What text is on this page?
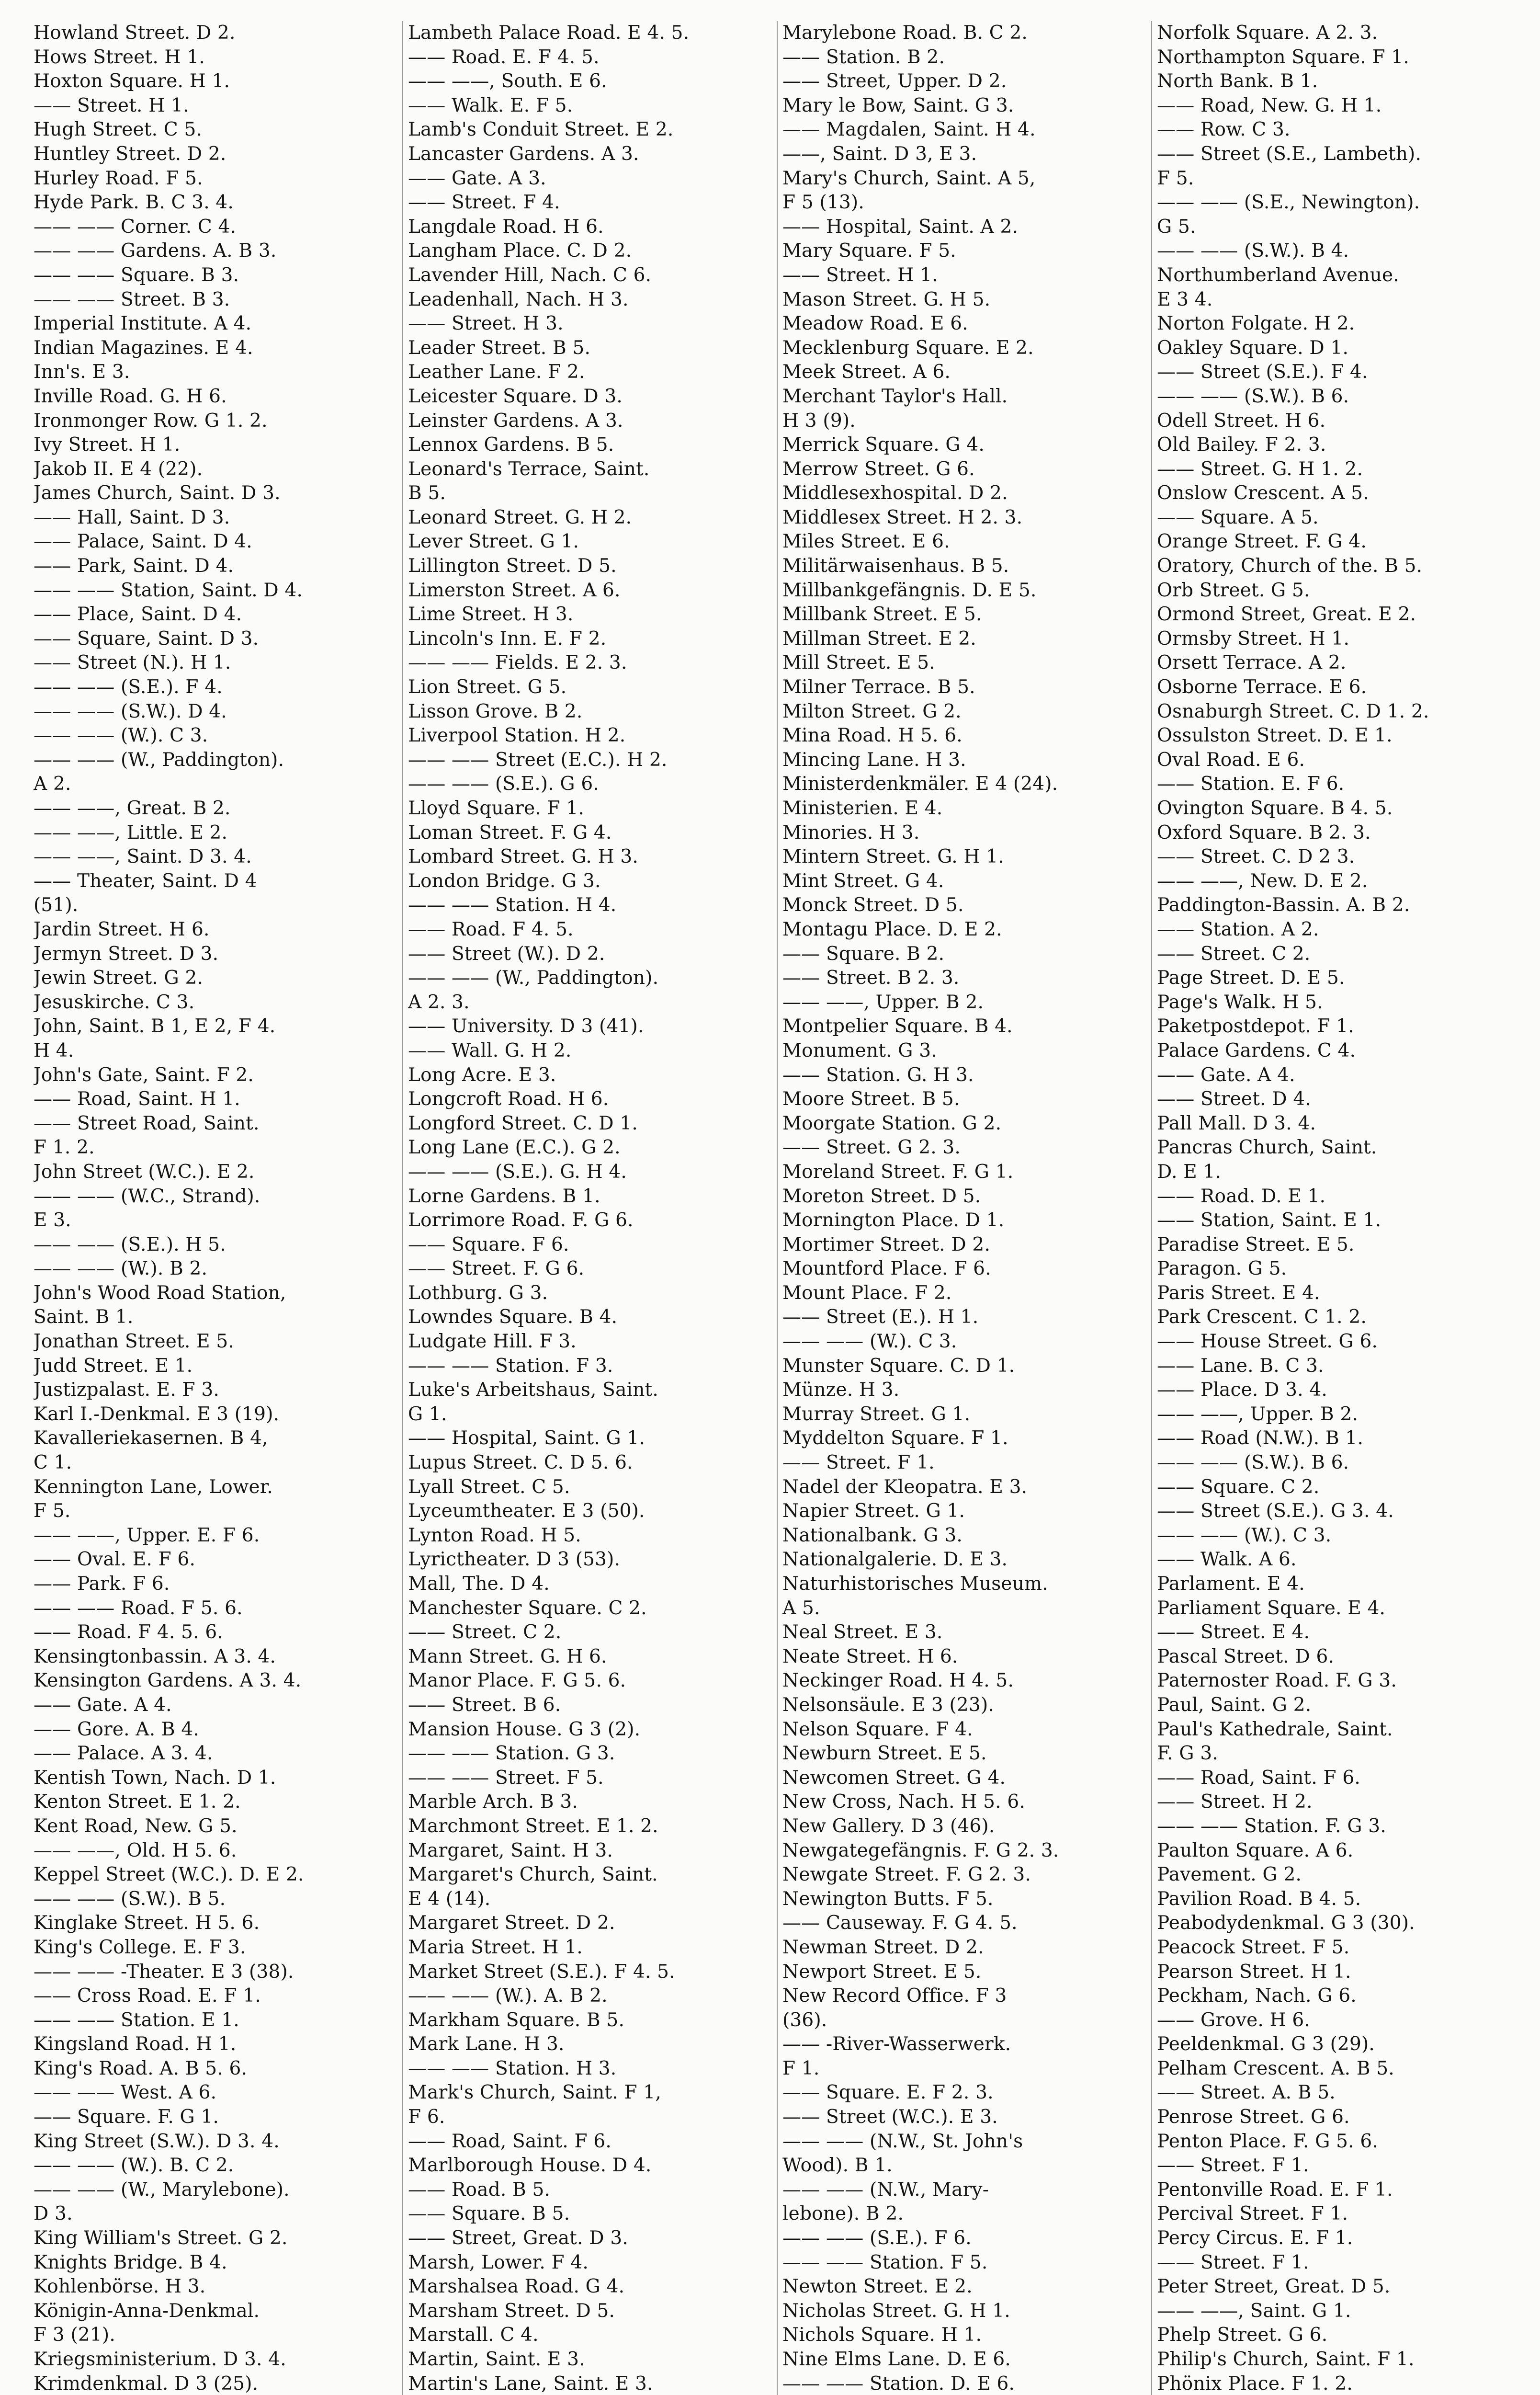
Howland Street. D 2.
Hows Street. H 1.
Hoxton Square. H 1.
—— Street. H 1.
Hugh Street. C 5.
Huntley Street. D 2.
Hurley Road. F 5.
Hyde Park. B. C 3. 4.
—— —— Corner. C 4.
—— —— Gardens. A. B 3.
—— —— Square. B 3.
—— —— Street. B 3.
Imperial Institute. A 4.
Indian Magazines. E 4.
Inn's. E 3.
Inville Road. G. H 6.
Ironmonger Row. G 1. 2.
Ivy Street. H 1.
Jakob II. E 4 (22).
James Church, Saint. D 3.
—— Hall, Saint. D 3.
—— Palace, Saint. D 4.
—— Park, Saint. D 4.
—— —— Station, Saint. D 4.
—— Place, Saint. D 4.
—— Square, Saint. D 3.
—— Street (N.). H 1.
—— —— (S.E.). F 4.
—— —— (S.W.). D 4.
—— —— (W.). C 3.
—— —— (W., Paddington).
A 2.
—— ——, Great. B 2.
—— ——, Little. E 2.
—— ——, Saint. D 3. 4.
—— Theater, Saint. D 4
(51).
Jardin Street. H 6.
Jermyn Street. D 3.
Jewin Street. G 2.
Jesuskirche. C 3.
John, Saint. B 1, E 2, F 4.
H 4.
John's Gate, Saint. F 2.
—— Road, Saint. H 1.
—— Street Road, Saint.
F 1. 2.
John Street (W.C.). E 2.
—— —— (W.C., Strand).
E 3.
—— —— (S.E.). H 5.
—— —— (W.). B 2.
John's Wood Road Station,
Saint. B 1.
Jonathan Street. E 5.
Judd Street. E 1.
Justizpalast. E. F 3.
Karl I.-Denkmal. E 3 (19).
Kavalleriekasernen. B 4,
C 1.
Kennington Lane, Lower.
F 5.
—— ——, Upper. E. F 6.
—— Oval. E. F 6.
—— Park. F 6.
—— —— Road. F 5. 6.
—— Road. F 4. 5. 6.
Kensingtonbassin. A 3. 4.
Kensington Gardens. A 3. 4.
—— Gate. A 4.
—— Gore. A. B 4.
—— Palace. A 3. 4.
Kentish Town, Nach. D 1.
Kenton Street. E 1. 2.
Kent Road, New. G 5.
—— ——, Old. H 5. 6.
Keppel Street (W.C.). D. E 2.
—— —— (S.W.). B 5.
Kinglake Street. H 5. 6.
King's College. E. F 3.
—— —— -Theater. E 3 (38).
—— Cross Road. E. F 1.
—— —— Station. E 1.
Kingsland Road. H 1.
King's Road. A. B 5. 6.
—— —— West. A 6.
—— Square. F. G 1.
King Street (S.W.). D 3. 4.
—— —— (W.). B. C 2.
—— —— (W., Marylebone).
D 3.
King William's Street. G 2.
Knights Bridge. B 4.
Kohlenbörse. H 3.
Königin-Anna-Denkmal.
F 3 (21).
Kriegsministerium. D 3. 4.
Krimdenkmal. D 3 (25).
Lambeth Palace Road. E 4. 5.
—— Road. E. F 4. 5.
—— ——, South. E 6.
—— Walk. E. F 5.
Lamb's Conduit Street. E 2.
Lancaster Gardens. A 3.
—— Gate. A 3.
—— Street. F 4.
Langdale Road. H 6.
Langham Place. C. D 2.
Lavender Hill, Nach. C 6.
Leadenhall, Nach. H 3.
—— Street. H 3.
Leader Street. B 5.
Leather Lane. F 2.
Leicester Square. D 3.
Leinster Gardens. A 3.
Lennox Gardens. B 5.
Leonard's Terrace, Saint.
B 5.
Leonard Street. G. H 2.
Lever Street. G 1.
Lillington Street. D 5.
Limerston Street. A 6.
Lime Street. H 3.
Lincoln's Inn. E. F 2.
—— —— Fields. E 2. 3.
Lion Street. G 5.
Lisson Grove. B 2.
Liverpool Station. H 2.
—— —— Street (E.C.). H 2.
—— —— (S.E.). G 6.
Lloyd Square. F 1.
Loman Street. F. G 4.
Lombard Street. G. H 3.
London Bridge. G 3.
—— —— Station. H 4.
—— Road. F 4. 5.
—— Street (W.). D 2.
—— —— (W., Paddington).
A 2. 3.
—— University. D 3 (41).
—— Wall. G. H 2.
Long Acre. E 3.
Longcroft Road. H 6.
Longford Street. C. D 1.
Long Lane (E.C.). G 2.
—— —— (S.E.). G. H 4.
Lorne Gardens. B 1.
Lorrimore Road. F. G 6.
—— Square. F 6.
—— Street. F. G 6.
Lothburg. G 3.
Lowndes Square. B 4.
Ludgate Hill. F 3.
—— —— Station. F 3.
Luke's Arbeitshaus, Saint.
G 1.
—— Hospital, Saint. G 1.
Lupus Street. C. D 5. 6.
Lyall Street. C 5.
Lyceumtheater. E 3 (50).
Lynton Road. H 5.
Lyrictheater. D 3 (53).
Mall, The. D 4.
Manchester Square. C 2.
—— Street. C 2.
Mann Street. G. H 6.
Manor Place. F. G 5. 6.
—— Street. B 6.
Mansion House. G 3 (2).
—— —— Station. G 3.
—— —— Street. F 5.
Marble Arch. B 3.
Marchmont Street. E 1. 2.
Margaret, Saint. H 3.
Margaret's Church, Saint.
E 4 (14).
Margaret Street. D 2.
Maria Street. H 1.
Market Street (S.E.). F 4. 5.
—— —— (W.). A. B 2.
Markham Square. B 5.
Mark Lane. H 3.
—— —— Station. H 3.
Mark's Church, Saint. F 1,
F 6.
—— Road, Saint. F 6.
Marlborough House. D 4.
—— Road. B 5.
—— Square. B 5.
—— Street, Great. D 3.
Marsh, Lower. F 4.
Marshalsea Road. G 4.
Marsham Street. D 5.
Marstall. C 4.
Martin, Saint. E 3.
Martin's Lane, Saint. E 3.
Marylebone Road. B. C 2.
—— Station. B 2.
—— Street, Upper. D 2.
Mary le Bow, Saint. G 3.
—— Magdalen, Saint. H 4.
——, Saint. D 3, E 3.
Mary's Church, Saint. A 5,
F 5 (13).
—— Hospital, Saint. A 2.
Mary Square. F 5.
—— Street. H 1.
Mason Street. G. H 5.
Meadow Road. E 6.
Mecklenburg Square. E 2.
Meek Street. A 6.
Merchant Taylor's Hall.
H 3 (9).
Merrick Square. G 4.
Merrow Street. G 6.
Middlesexhospital. D 2.
Middlesex Street. H 2. 3.
Miles Street. E 6.
Militärwaisenhaus. B 5.
Millbankgefängnis. D. E 5.
Millbank Street. E 5.
Millman Street. E 2.
Mill Street. E 5.
Milner Terrace. B 5.
Milton Street. G 2.
Mina Road. H 5. 6.
Mincing Lane. H 3.
Ministerdenkmäler. E 4 (24).
Ministerien. E 4.
Minories. H 3.
Mintern Street. G. H 1.
Mint Street. G 4.
Monck Street. D 5.
Montagu Place. D. E 2.
—— Square. B 2.
—— Street. B 2. 3.
—— ——, Upper. B 2.
Montpelier Square. B 4.
Monument. G 3.
—— Station. G. H 3.
Moore Street. B 5.
Moorgate Station. G 2.
—— Street. G 2. 3.
Moreland Street. F. G 1.
Moreton Street. D 5.
Mornington Place. D 1.
Mortimer Street. D 2.
Mountford Place. F 6.
Mount Place. F 2.
—— Street (E.). H 1.
—— —— (W.). C 3.
Munster Square. C. D 1.
Münze. H 3.
Murray Street. G 1.
Myddelton Square. F 1.
—— Street. F 1.
Nadel der Kleopatra. E 3.
Napier Street. G 1.
Nationalbank. G 3.
Nationalgalerie. D. E 3.
Naturhistorisches Museum.
A 5.
Neal Street. E 3.
Neate Street. H 6.
Neckinger Road. H 4. 5.
Nelsonsäule. E 3 (23).
Nelson Square. F 4.
Newburn Street. E 5.
Newcomen Street. G 4.
New Cross, Nach. H 5. 6.
New Gallery. D 3 (46).
Newgategefängnis. F. G 2. 3.
Newgate Street. F. G 2. 3.
Newington Butts. F 5.
—— Causeway. F. G 4. 5.
Newman Street. D 2.
Newport Street. E 5.
New Record Office. F 3
(36).
—— -River-Wasserwerk.
F 1.
—— Square. E. F 2. 3.
—— Street (W.C.). E 3.
—— —— (N.W., St. John's
Wood). B 1.
—— —— (N.W., Mary-
lebone). B 2.
—— —— (S.E.). F 6.
—— —— Station. F 5.
Newton Street. E 2.
Nicholas Street. G. H 1.
Nichols Square. H 1.
Nine Elms Lane. D. E 6.
—— —— Station. D. E 6.
Norfolk Square. A 2. 3.
Northampton Square. F 1.
North Bank. B 1.
—— Road, New. G. H 1.
—— Row. C 3.
—— Street (S.E., Lambeth).
F 5.
—— —— (S.E., Newington).
G 5.
—— —— (S.W.). B 4.
Northumberland Avenue.
E 3 4.
Norton Folgate. H 2.
Oakley Square. D 1.
—— Street (S.E.). F 4.
—— —— (S.W.). B 6.
Odell Street. H 6.
Old Bailey. F 2. 3.
—— Street. G. H 1. 2.
Onslow Crescent. A 5.
—— Square. A 5.
Orange Street. F. G 4.
Oratory, Church of the. B 5.
Orb Street. G 5.
Ormond Street, Great. E 2.
Ormsby Street. H 1.
Orsett Terrace. A 2.
Osborne Terrace. E 6.
Osnaburgh Street. C. D 1. 2.
Ossulston Street. D. E 1.
Oval Road. E 6.
—— Station. E. F 6.
Ovington Square. B 4. 5.
Oxford Square. B 2. 3.
—— Street. C. D 2 3.
—— ——, New. D. E 2.
Paddington-Bassin. A. B 2.
—— Station. A 2.
—— Street. C 2.
Page Street. D. E 5.
Page's Walk. H 5.
Paketpostdepot. F 1.
Palace Gardens. C 4.
—— Gate. A 4.
—— Street. D 4.
Pall Mall. D 3. 4.
Pancras Church, Saint.
D. E 1.
—— Road. D. E 1.
—— Station, Saint. E 1.
Paradise Street. E 5.
Paragon. G 5.
Paris Street. E 4.
Park Crescent. C 1. 2.
—— House Street. G 6.
—— Lane. B. C 3.
—— Place. D 3. 4.
—— ——, Upper. B 2.
—— Road (N.W.). B 1.
—— —— (S.W.). B 6.
—— Square. C 2.
—— Street (S.E.). G 3. 4.
—— —— (W.). C 3.
—— Walk. A 6.
Parlament. E 4.
Parliament Square. E 4.
—— Street. E 4.
Pascal Street. D 6.
Paternoster Road. F. G 3.
Paul, Saint. G 2.
Paul's Kathedrale, Saint.
F. G 3.
—— Road, Saint. F 6.
—— Street. H 2.
—— —— Station. F. G 3.
Paulton Square. A 6.
Pavement. G 2.
Pavilion Road. B 4. 5.
Peabodydenkmal. G 3 (30).
Peacock Street. F 5.
Pearson Street. H 1.
Peckham, Nach. G 6.
—— Grove. H 6.
Peeldenkmal. G 3 (29).
Pelham Crescent. A. B 5.
—— Street. A. B 5.
Penrose Street. G 6.
Penton Place. F. G 5. 6.
—— Street. F 1.
Pentonville Road. E. F 1.
Percival Street. F 1.
Percy Circus. E. F 1.
—— Street. F 1.
Peter Street, Great. D 5.
—— ——, Saint. G 1.
Phelp Street. G 6.
Philip's Church, Saint. F 1.
Phönix Place. F 1. 2.
